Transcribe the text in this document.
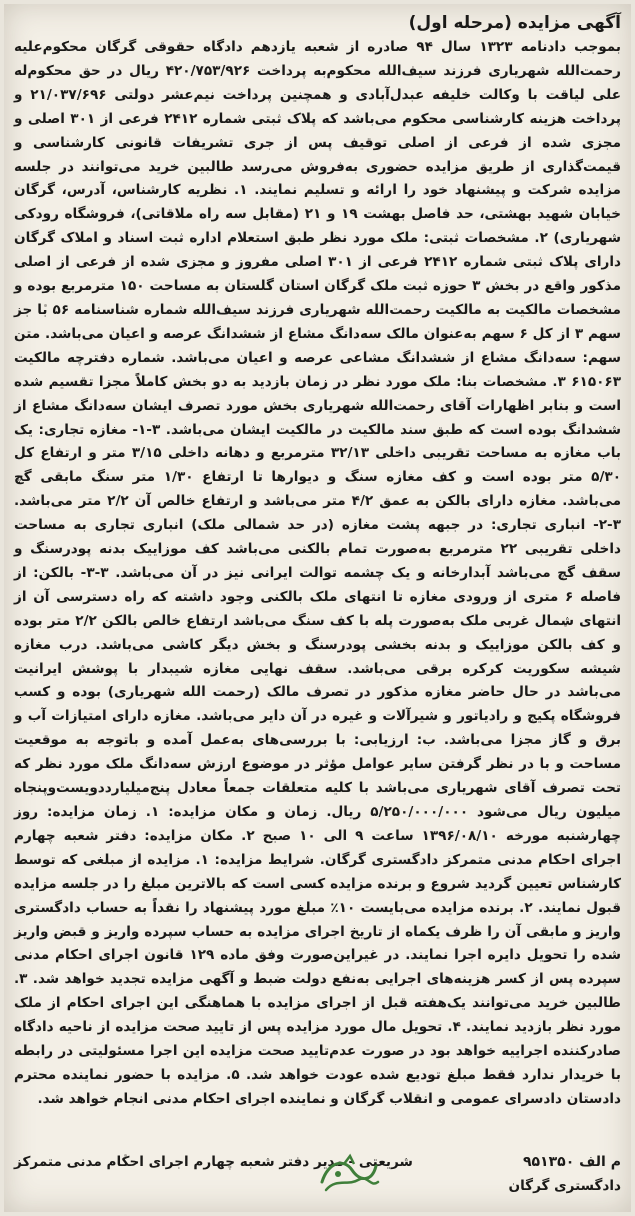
آگهی مزایده (مرحله اول)

بموجب دادنامه ۱۳۲۳ سال ۹۴ صادره از شعبه یازدهم دادگاه حقوقی گرگان محکوم‌علیه رحمت‌الله شهریاری فرزند سیف‌الله محکوم‌به پرداخت ۴۲۰/۷۵۳/۹۲۶ ریال در حق محکوم‌له علی لیاقت با وکالت خلیفه عبدل‌آبادی و همچنین پرداخت نیم‌عشر دولتی ۲۱/۰۳۷/۶۹۶ و پرداخت هزینه کارشناسی محکوم می‌باشد که پلاک ثبتی شماره ۲۴۱۲ فرعی از ۳۰۱ اصلی و مجزی شده از فرعی از اصلی توقیف پس از جری تشریفات قانونی کارشناسی و قیمت‌گذاری از طریق مزایده حضوری به‌فروش می‌رسد طالبین خرید می‌توانند در جلسه مزایده شرکت و پیشنهاد خود را ارائه و تسلیم نمایند. ۱. نظریه کارشناس، آدرس، گرگان خیابان شهید بهشتی، حد فاصل بهشت ۱۹ و ۲۱ (مقابل سه راه ملاقاتی)، فروشگاه رودکی شهریاری) ۲. مشخصات ثبتی: ملک مورد نظر طبق استعلام اداره ثبت اسناد و املاک گرگان دارای پلاک ثبتی شماره ۲۴۱۲ فرعی از ۳۰۱ اصلی مفروز و مجزی شده از فرعی از اصلی مذکور واقع در بخش ۳ حوزه ثبت ملک گرگان استان گلستان به مساحت ۱۵۰ مترمربع بوده و مشخصات مالکیت به مالکیت رحمت‌الله شهریاری فرزند سیف‌الله شماره شناسنامه ۵۶ با جز سهم ۳ از کل ۶ سهم به‌عنوان مالک سه‌دانگ مشاع از ششدانگ عرصه و اعیان می‌باشد. متن سهم: سه‌دانگ مشاع از ششدانگ مشاعی عرصه و اعیان می‌باشد. شماره دفترچه مالکیت ۶۱۵۰۶۳ ۳. مشخصات بنا: ملک مورد نظر در زمان بازدید به دو بخش کاملاً مجزا تقسیم شده است و بنابر اظهارات آقای رحمت‌الله شهریاری بخش مورد تصرف ایشان سه‌دانگ مشاع از ششدانگ بوده است که طبق سند مالکیت در مالکیت ایشان می‌باشد. ۳-۱- مغازه تجاری: یک باب مغازه به مساحت تقریبی داخلی ۳۲/۱۳ مترمربع و دهانه داخلی ۳/۱۵ متر و ارتفاع کل ۵/۳۰ متر بوده است و کف مغازه سنگ و دیوارها تا ارتفاع ۱/۳۰ متر سنگ مابقی گچ می‌باشد. مغازه دارای بالکن به عمق ۴/۲ متر می‌باشد و ارتفاع خالص آن ۲/۲ متر می‌باشد. ۳-۲- انباری تجاری: در جبهه پشت مغازه (در حد شمالی ملک) انباری تجاری به مساحت داخلی تقریبی ۲۲ مترمربع به‌صورت تمام بالکنی می‌باشد کف موزاییک بدنه پودرسنگ و سقف گچ می‌باشد آبدارخانه و یک چشمه توالت ایرانی نیز در آن می‌باشد. ۳-۳- بالکن: از فاصله ۶ متری از ورودی مغازه تا انتهای ملک بالکنی وجود داشته که راه دسترسی آن از انتهای شمال غربی ملک به‌صورت پله با کف سنگ می‌باشد ارتفاع خالص بالکن ۲/۲ متر بوده و کف بالکن موزاییک و بدنه بخشی پودرسنگ و بخش دیگر کاشی می‌باشد. درب مغازه شیشه سکوریت کرکره برقی می‌باشد. سقف نهایی مغازه شیبدار با پوشش ایرانیت می‌باشد در حال حاضر مغازه مذکور در تصرف مالک (رحمت الله شهریاری) بوده و کسب فروشگاه پکیج و رادیاتور و شیرآلات و غیره در آن دایر می‌باشد. مغازه دارای امتیازات آب و برق و گاز مجزا می‌باشد. ب: ارزیابی: با بررسی‌های به‌عمل آمده و باتوجه به موقعیت مساحت و با در نظر گرفتن سایر عوامل مؤثر در موضوع ارزش سه‌دانگ ملک مورد نظر که تحت تصرف آقای شهریاری می‌باشد با کلیه متعلقات جمعاً معادل پنج‌میلیارد‌دویست‌وپنجاه میلیون ریال می‌شود ۵/۲۵۰/۰۰۰/۰۰۰ ریال. زمان و مکان مزایده: ۱. زمان مزایده: روز چهارشنبه مورخه ۱۳۹۶/۰۸/۱۰ ساعت ۹ الی ۱۰ صبح ۲. مکان مزایده: دفتر شعبه چهارم اجرای احکام مدنی متمرکز دادگستری گرگان. شرایط مزایده: ۱. مزایده از مبلغی که توسط کارشناس تعیین گردید شروع و برنده مزایده کسی است که بالاترین مبلغ را در جلسه مزایده قبول نمایند. ۲. برنده مزایده می‌بایست ۱۰٪ مبلغ مورد پیشنهاد را نقداً به حساب دادگستری واریز و مابقی آن را ظرف یکماه از تاریخ اجرای مزایده به حساب سپرده واریز و قبض واریز شده را تحویل دایره اجرا نمایند. در غیراین‌صورت وفق ماده ۱۲۹ قانون اجرای احکام مدنی سپرده پس از کسر هزینه‌های اجرایی به‌نفع دولت ضبط و آگهی مزایده تجدید خواهد شد. ۳. طالبین خرید می‌توانند یک‌هفته قبل از اجرای مزایده با هماهنگی این اجرای احکام از ملک مورد نظر بازدید نمایند. ۴. تحویل مال مورد مزایده پس از تایید صحت مزایده از ناحیه دادگاه صادرکننده اجراییه خواهد بود در صورت عدم‌تایید صحت مزایده این اجرا مسئولیتی در رابطه با خریدار ندارد فقط مبلغ تودیع شده عودت خواهد شد. ۵. مزایده با حضور نماینده محترم دادستان دادسرای عمومی و انقلاب گرگان و نماینده اجرای احکام مدنی انجام خواهد شد.

م الف ۹۵۱۳۵۰
شریعتی - مدیر دفتر شعبه چهارم اجرای احکام مدنی متمرکز
دادگستری گرگان
